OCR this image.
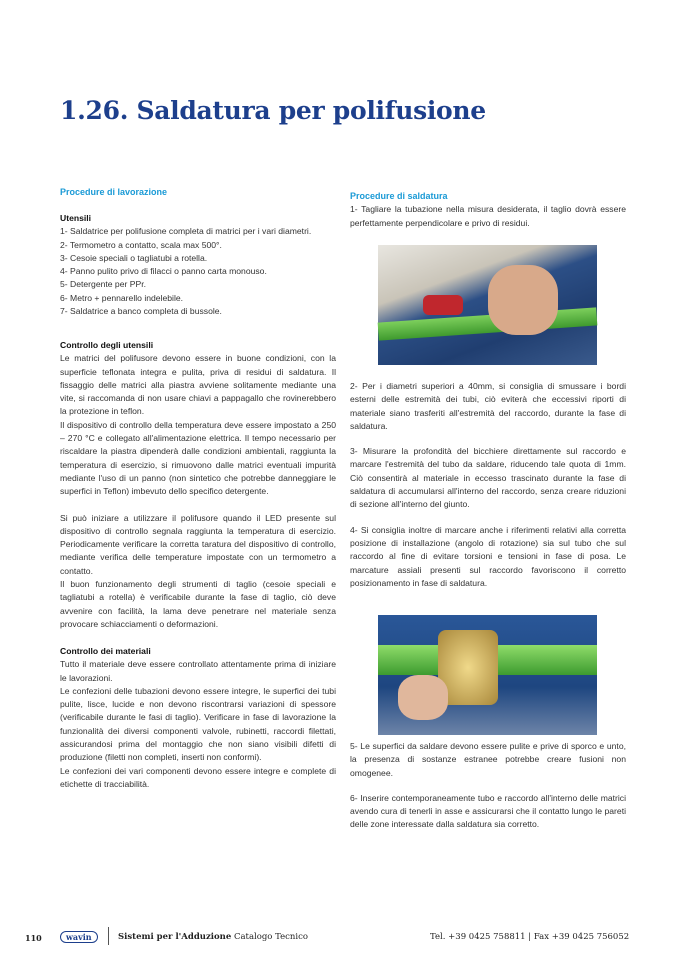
1.26. Saldatura per polifusione
Procedure di lavorazione
Utensili
1- Saldatrice per polifusione completa di matrici per i vari diametri.
2- Termometro a contatto, scala max 500°.
3- Cesoie speciali o tagliatubi a rotella.
4- Panno pulito privo di filacci o panno carta monouso.
5- Detergente per PPr.
6- Metro + pennarello indelebile.
7- Saldatrice a banco completa di bussole.
Controllo degli utensili

Le matrici del polifusore devono essere in buone condizioni, con la superficie teflonata integra e pulita, priva di residui di saldatura. Il fissaggio delle matrici alla piastra avviene solitamente mediante una vite, si raccomanda di non usare chiavi a pappagallo che rovinerebbero la protezione in teflon.

Il dispositivo di controllo della temperatura deve essere impostato a 250 – 270 °C e collegato all'alimentazione elettrica. Il tempo necessario per riscaldare la piastra dipenderà dalle condizioni ambientali, raggiunta la temperatura di esercizio, si rimuovono dalle matrici eventuali impurità mediante l'uso di un panno (non sintetico che potrebbe danneggiare le superfici in Teflon) imbevuto dello specifico detergente.

Si può iniziare a utilizzare il polifusore quando il LED presente sul dispositivo di controllo segnala raggiunta la temperatura di esercizio. Periodicamente verificare la corretta taratura del dispositivo di controllo, mediante verifica delle temperature impostate con un termometro a contatto.

Il buon funzionamento degli strumenti di taglio (cesoie speciali e tagliatubi a rotella) è verificabile durante la fase di taglio, ciò deve avvenire con facilità, la lama deve penetrare nel materiale senza provocare schiacciamenti o deformazioni.

Controllo dei materiali

Tutto il materiale deve essere controllato attentamente prima di iniziare le lavorazioni.

Le confezioni delle tubazioni devono essere integre, le superfici dei tubi pulite, lisce, lucide e non devono riscontrarsi variazioni di spessore (verificabile durante le fasi di taglio). Verificare in fase di lavorazione la funzionalità dei diversi componenti valvole, rubinetti, raccordi filettati, assicurandosi prima del montaggio che non siano visibili difetti di produzione (filetti non completi, inserti non conformi).

Le confezioni dei vari componenti devono essere integre e complete di etichette di tracciabilità.

Procedure di saldatura

1- Tagliare la tubazione nella misura desiderata, il taglio dovrà essere perfettamente perpendicolare e privo di residui.

2- Per i diametri superiori a 40mm, si consiglia di smussare i bordi esterni delle estremità dei tubi, ciò eviterà che eccessivi riporti di materiale siano trasferiti all'estremità del raccordo, durante la fase di saldatura.

3- Misurare la profondità del bicchiere direttamente sul raccordo e marcare l'estremità del tubo da saldare, riducendo tale quota di 1mm. Ciò consentirà al materiale in eccesso trascinato durante la fase di saldatura di accumularsi all'interno del raccordo, senza creare riduzioni di sezione all'interno del giunto.

4- Si consiglia inoltre di marcare anche i riferimenti relativi alla corretta posizione di installazione (angolo di rotazione) sia sul tubo che sul raccordo al fine di evitare torsioni e tensioni in fase di posa. Le marcature assiali presenti sul raccordo favoriscono il corretto posizionamento in fase di saldatura.

5- Le superfici da saldare devono essere pulite e prive di sporco e unto, la presenza di sostanze estranee potrebbe creare fusioni non omogenee.

6- Inserire contemporaneamente tubo e raccordo all'interno delle matrici avendo cura di tenerli in asse e assicurarsi che il contatto lungo le pareti delle zone interessate dalla saldatura sia corretto.

110	wavin	Sistemi per l'Adduzione Catalogo Tecnico	Tel. +39 0425 758811 | Fax +39 0425 756052
